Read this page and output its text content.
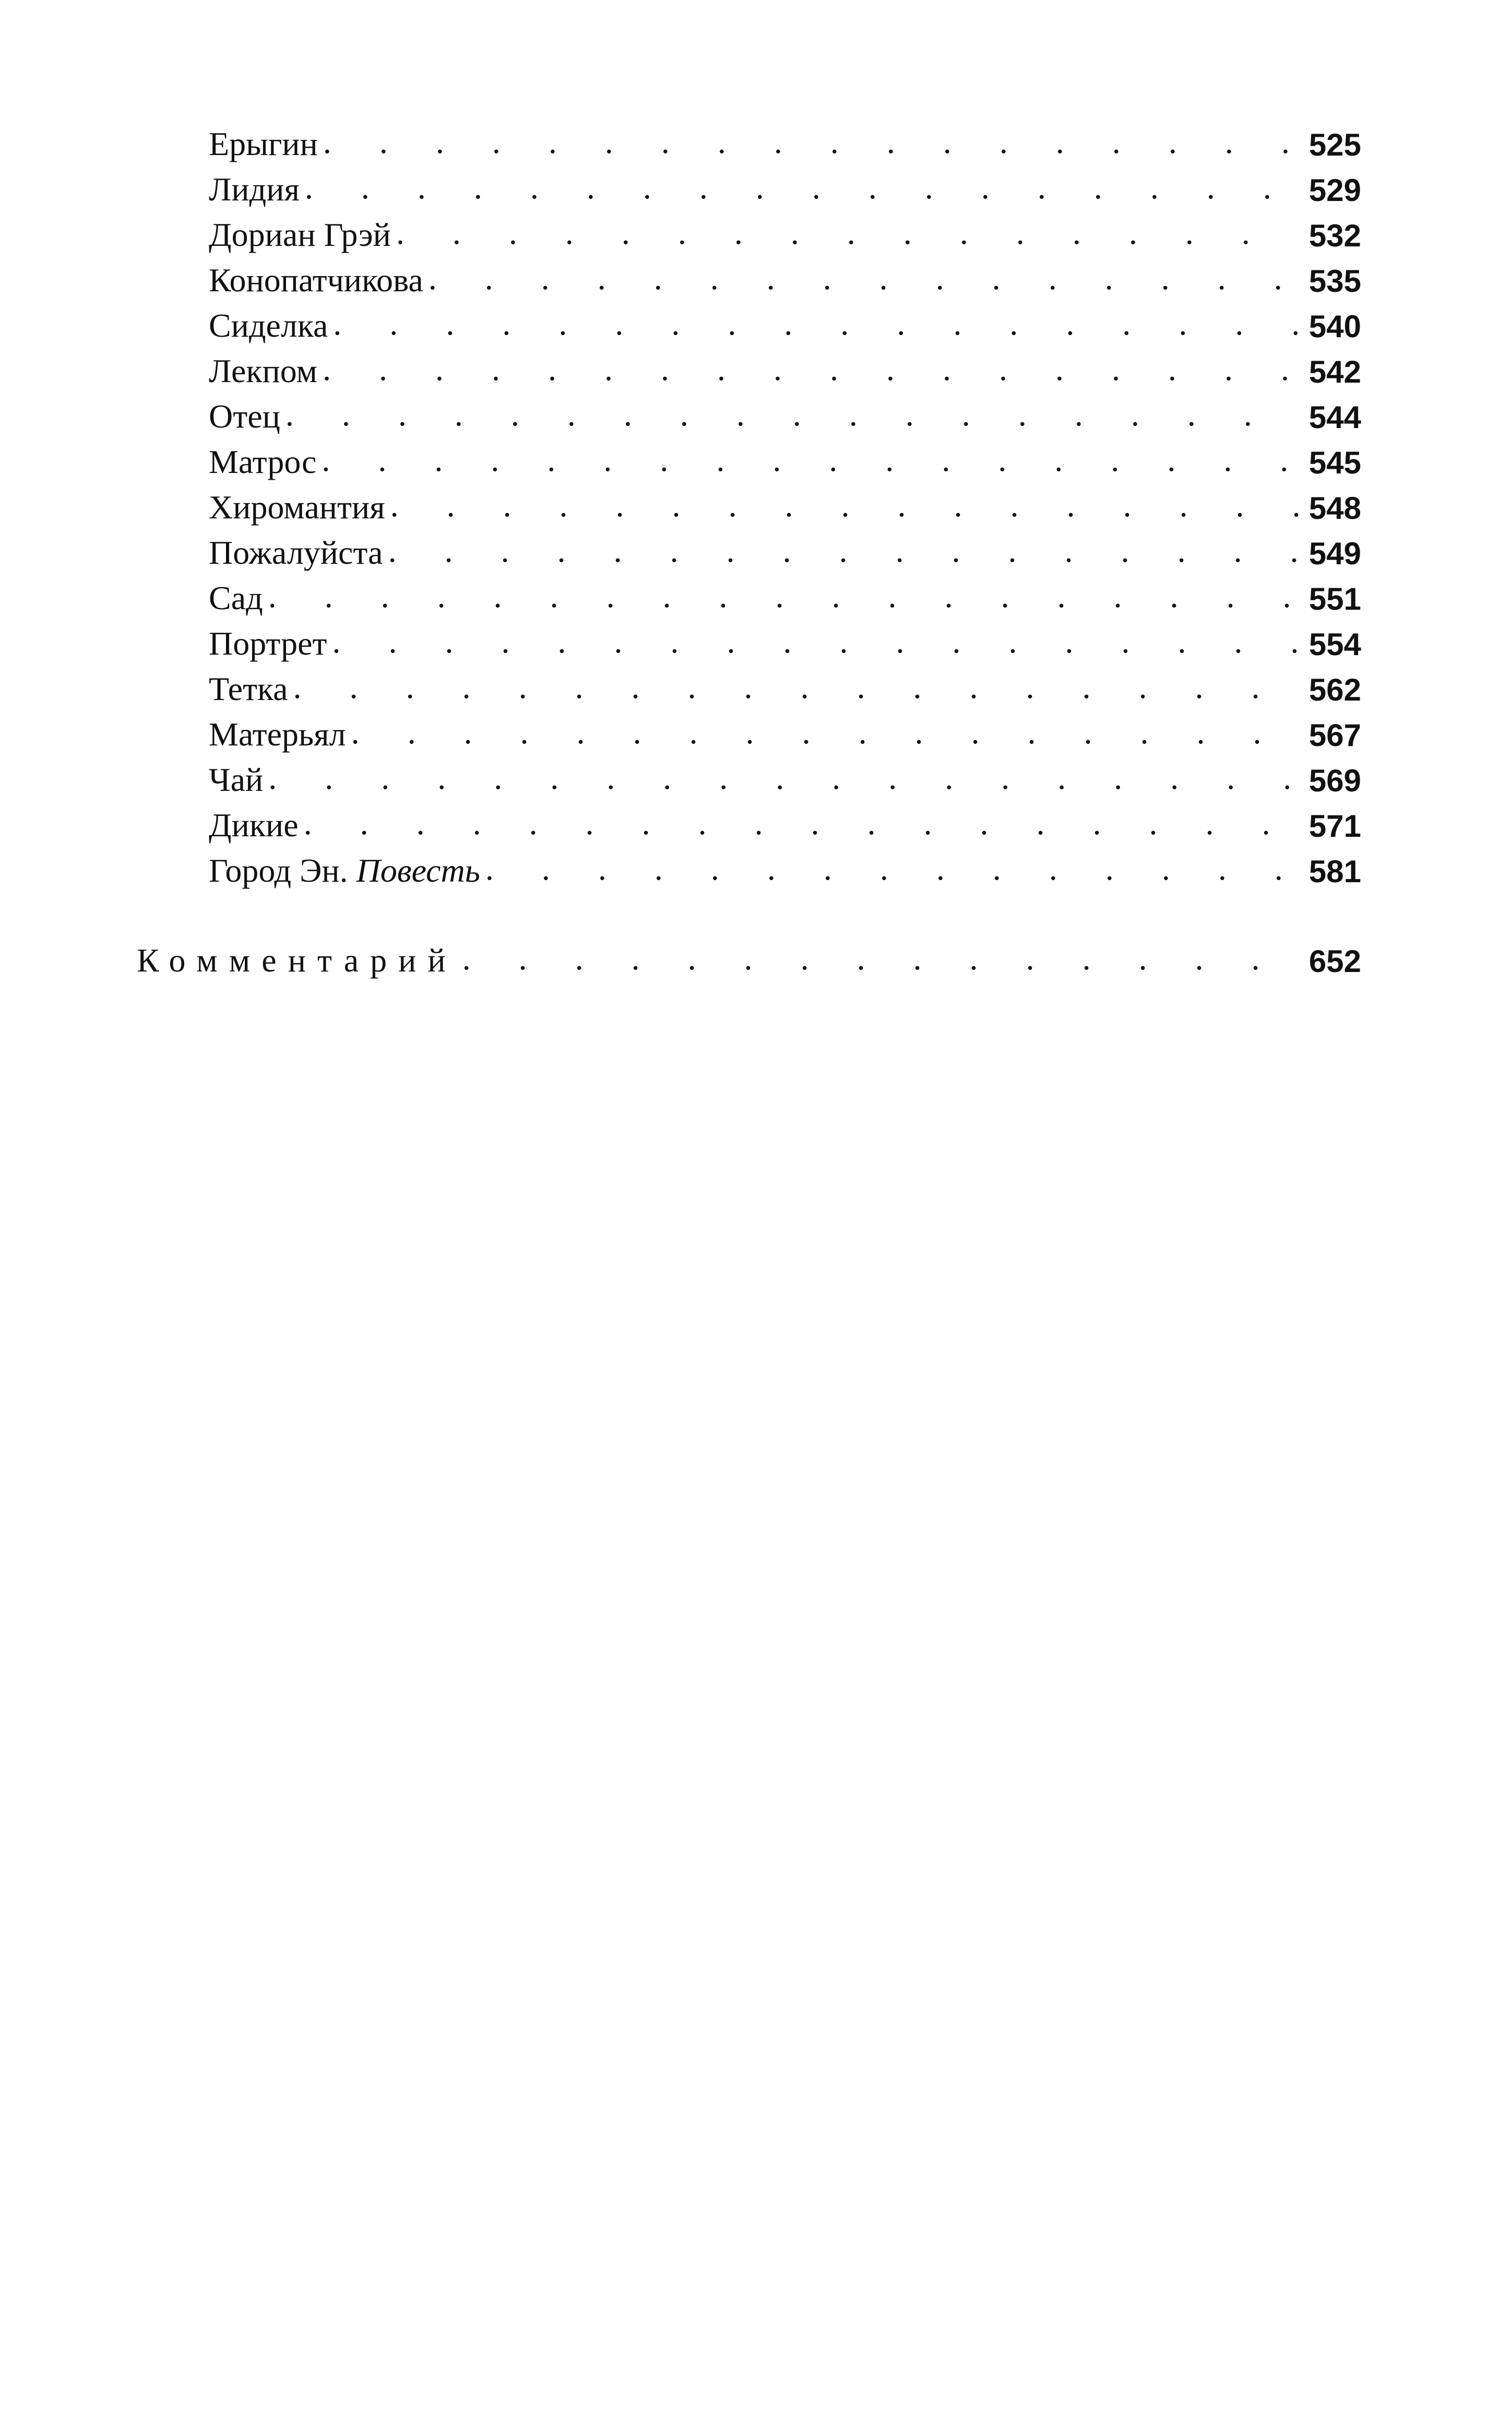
Ерыгин . . .	525
Лидия . . .	529
Дориан Грэй . . .	532
Конопатчикова . . .	535
Сиделка . . .	540
Лекпом . . .	542
Отец . . .	544
Матрос . . .	545
Хиромантия . . .	548
Пожалуйста . . .	549
Сад . . .	551
Портрет . . .	554
Тетка . . .	562
Матерьял . . .	567
Чай . . .	569
Дикие . . .	571
Город Эн. Повесть . . .	581
Комментарий . . .	652
